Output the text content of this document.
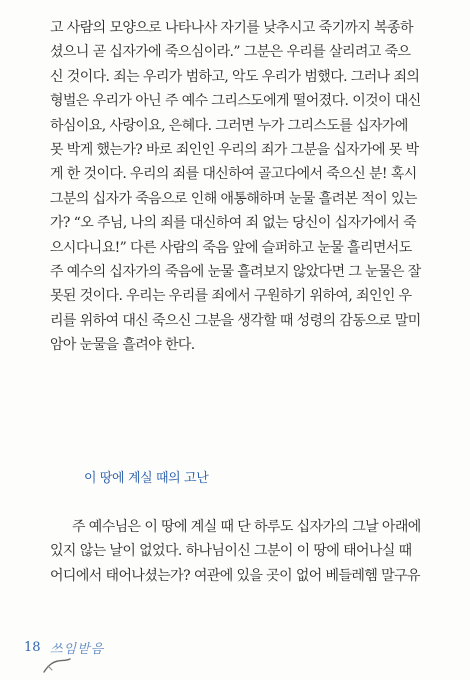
고 사람의 모양으로 나타나사 자기를 낮추시고 죽기까지 복종하
셨으니 곧 십자가에 죽으심이라.” 그분은 우리를 살리려고 죽으
신 것이다. 죄는 우리가 범하고, 악도 우리가 범했다. 그러나 죄의
형벌은 우리가 아닌 주 예수 그리스도에게 떨어졌다. 이것이 대신
하심이요, 사랑이요, 은혜다. 그러면 누가 그리스도를 십자가에
못 박게 했는가? 바로 죄인인 우리의 죄가 그분을 십자가에 못 박
게 한 것이다. 우리의 죄를 대신하여 골고다에서 죽으신 분! 혹시
그분의 십자가 죽음으로 인해 애통해하며 눈물 흘려본 적이 있는
가? “오 주님, 나의 죄를 대신하여 죄 없는 당신이 십자가에서 죽
으시다니요!” 다른 사람의 죽음 앞에 슬퍼하고 눈물 흘리면서도
주 예수의 십자가의 죽음에 눈물 흘려보지 않았다면 그 눈물은 잘
못된 것이다. 우리는 우리를 죄에서 구원하기 위하여, 죄인인 우
리를 위하여 대신 죽으신 그분을 생각할 때 성령의 감동으로 말미
암아 눈물을 흘려야 한다.
이 땅에 계실 때의 고난
주 예수님은 이 땅에 계실 때 단 하루도 십자가의 그날 아래에
있지 않는 날이 없었다. 하나님이신 그분이 이 땅에 태어나실 때
어디에서 태어나셨는가? 여관에 있을 곳이 없어 베들레헴 말구유
18 쓰임받음
